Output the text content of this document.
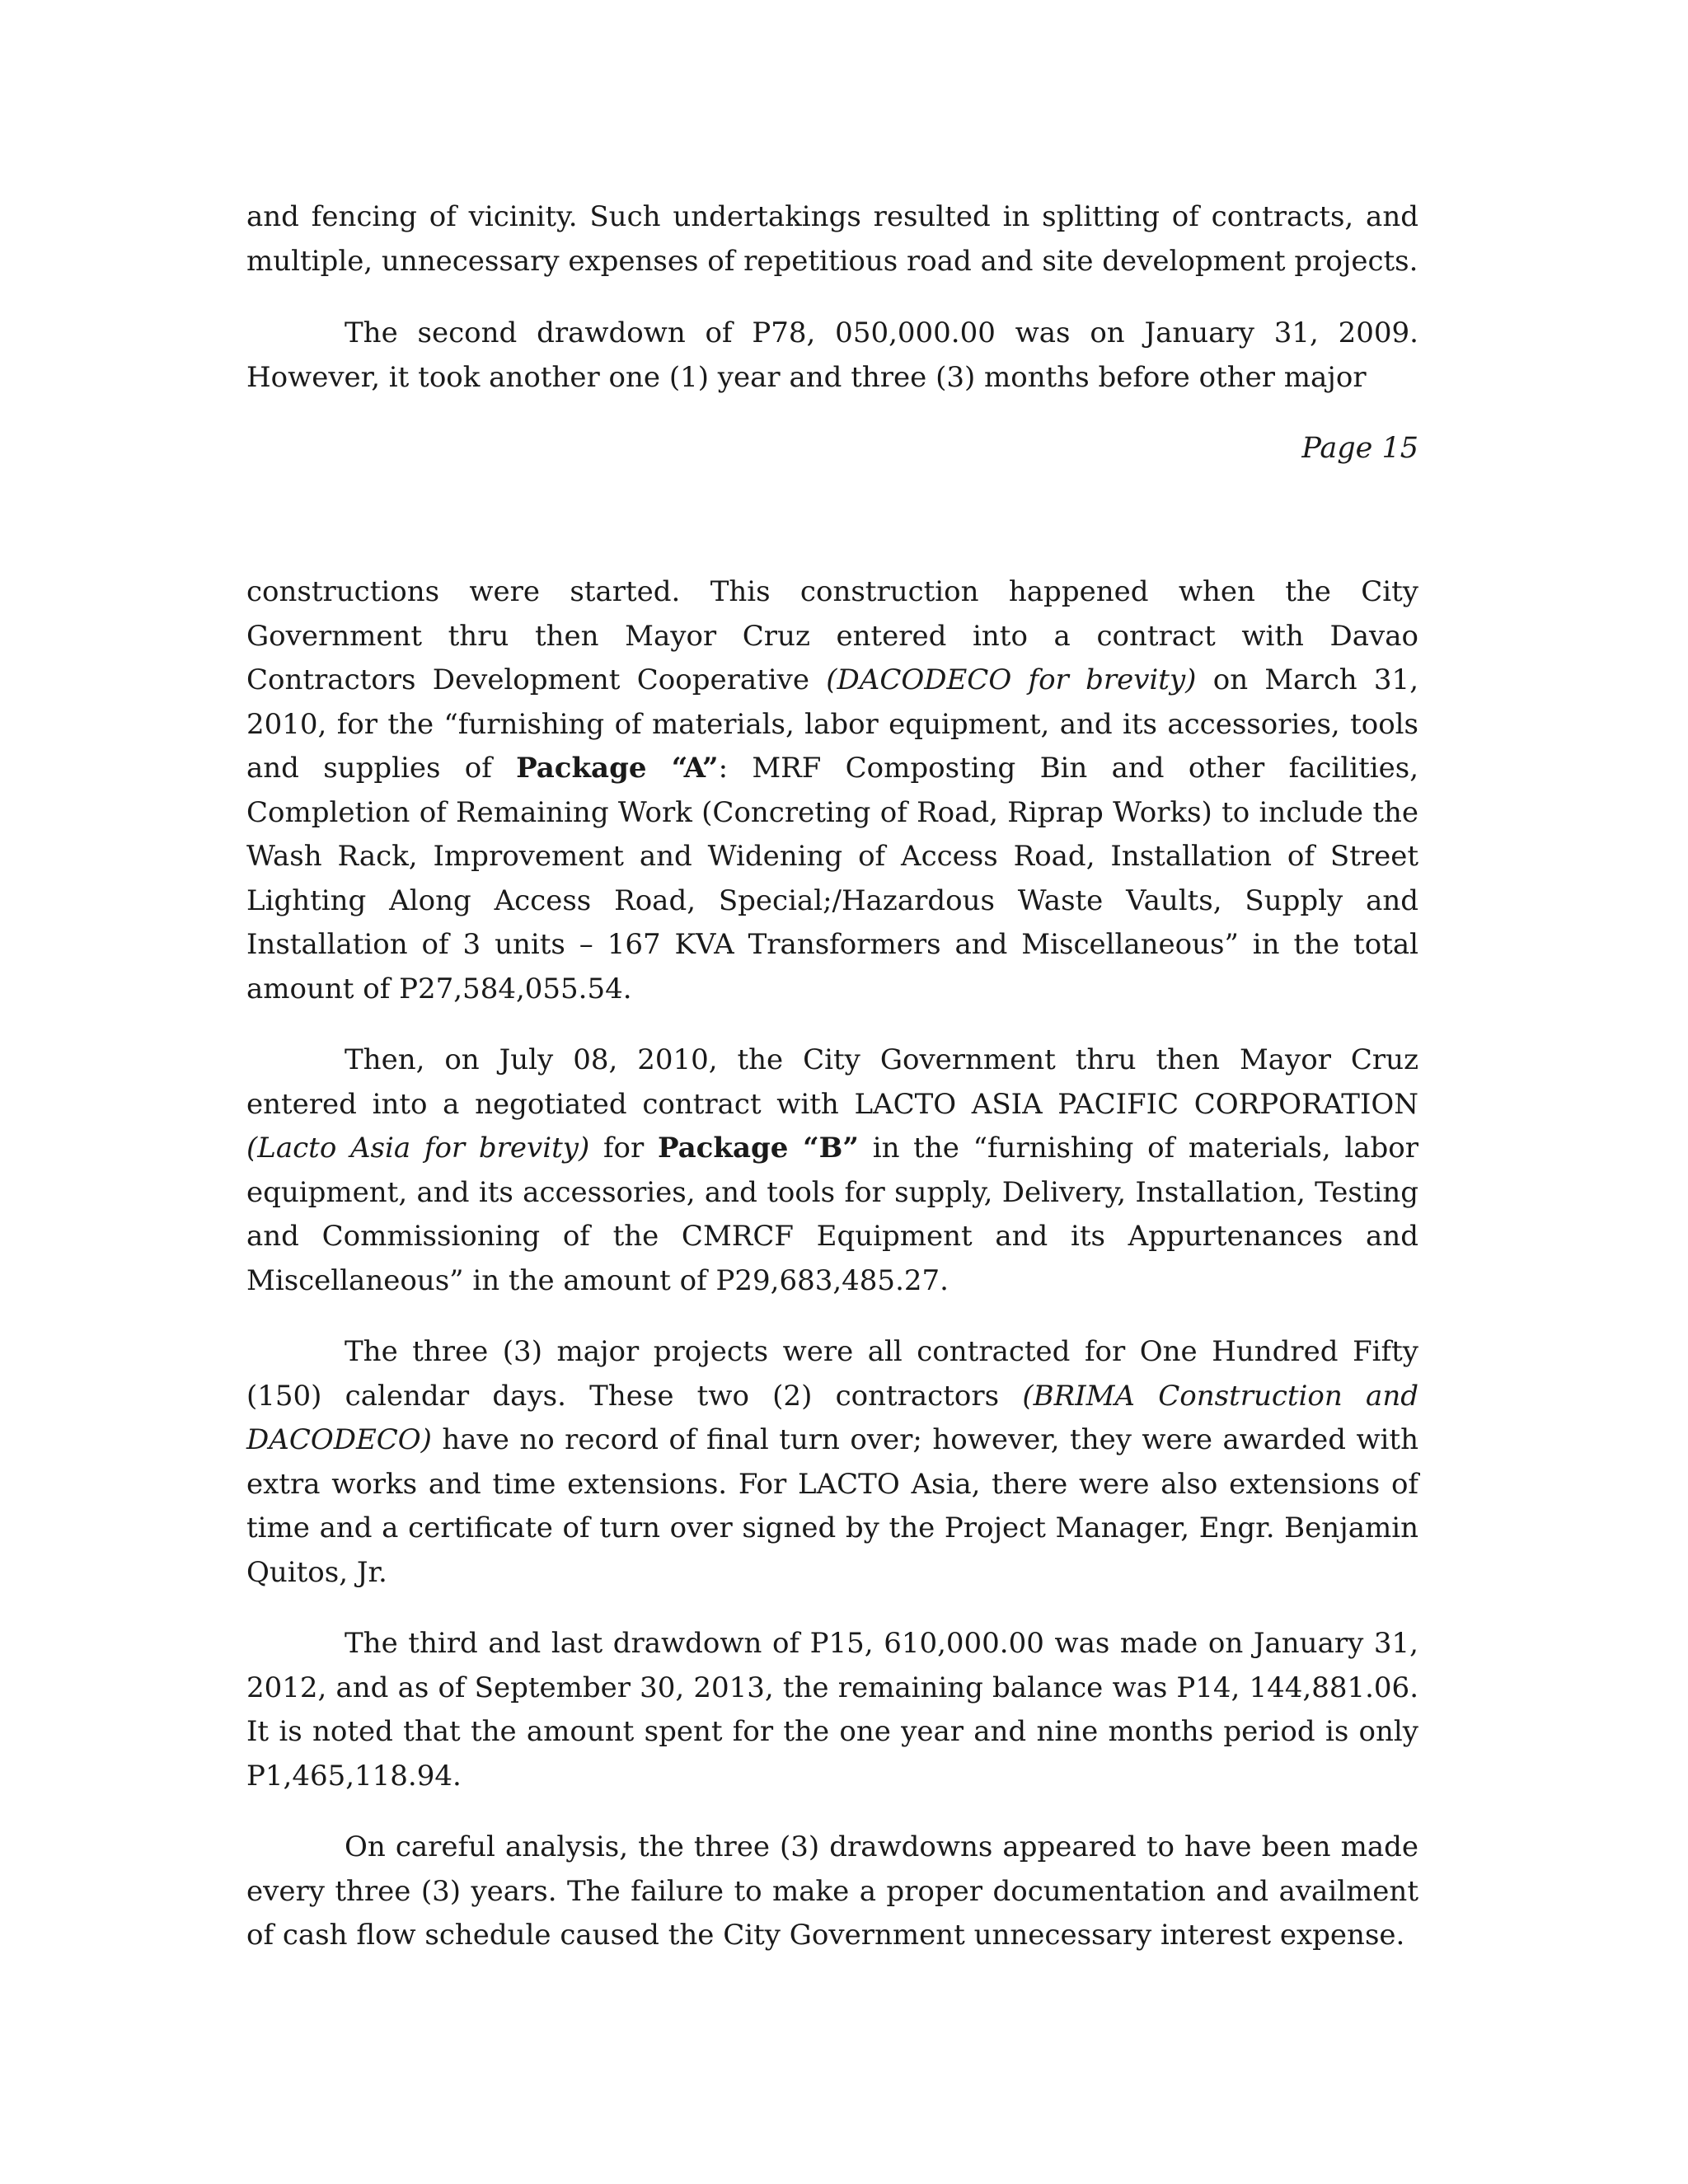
and fencing of vicinity. Such undertakings resulted in splitting of contracts, and multiple, unnecessary expenses of repetitious road and site development projects.

The second drawdown of P78, 050,000.00 was on January 31, 2009. However, it took another one (1) year and three (3) months before other major

Page 15

constructions were started. This construction happened when the City Government thru then Mayor Cruz entered into a contract with Davao Contractors Development Cooperative (DACODECO for brevity) on March 31, 2010, for the “furnishing of materials, labor equipment, and its accessories, tools and supplies of Package “A”: MRF Composting Bin and other facilities, Completion of Remaining Work (Concreting of Road, Riprap Works) to include the Wash Rack, Improvement and Widening of Access Road, Installation of Street Lighting Along Access Road, Special;/Hazardous Waste Vaults, Supply and Installation of 3 units – 167 KVA Transformers and Miscellaneous” in the total amount of P27,584,055.54.

Then, on July 08, 2010, the City Government thru then Mayor Cruz entered into a negotiated contract with LACTO ASIA PACIFIC CORPORATION (Lacto Asia for brevity) for Package “B” in the “furnishing of materials, labor equipment, and its accessories, and tools for supply, Delivery, Installation, Testing and Commissioning of the CMRCF Equipment and its Appurtenances and Miscellaneous” in the amount of P29,683,485.27.

The three (3) major projects were all contracted for One Hundred Fifty (150) calendar days. These two (2) contractors (BRIMA Construction and DACODECO) have no record of final turn over; however, they were awarded with extra works and time extensions. For LACTO Asia, there were also extensions of time and a certificate of turn over signed by the Project Manager, Engr. Benjamin Quitos, Jr.

The third and last drawdown of P15, 610,000.00 was made on January 31, 2012, and as of September 30, 2013, the remaining balance was P14, 144,881.06. It is noted that the amount spent for the one year and nine months period is only P1,465,118.94.

On careful analysis, the three (3) drawdowns appeared to have been made every three (3) years. The failure to make a proper documentation and availment of cash flow schedule caused the City Government unnecessary interest expense.
